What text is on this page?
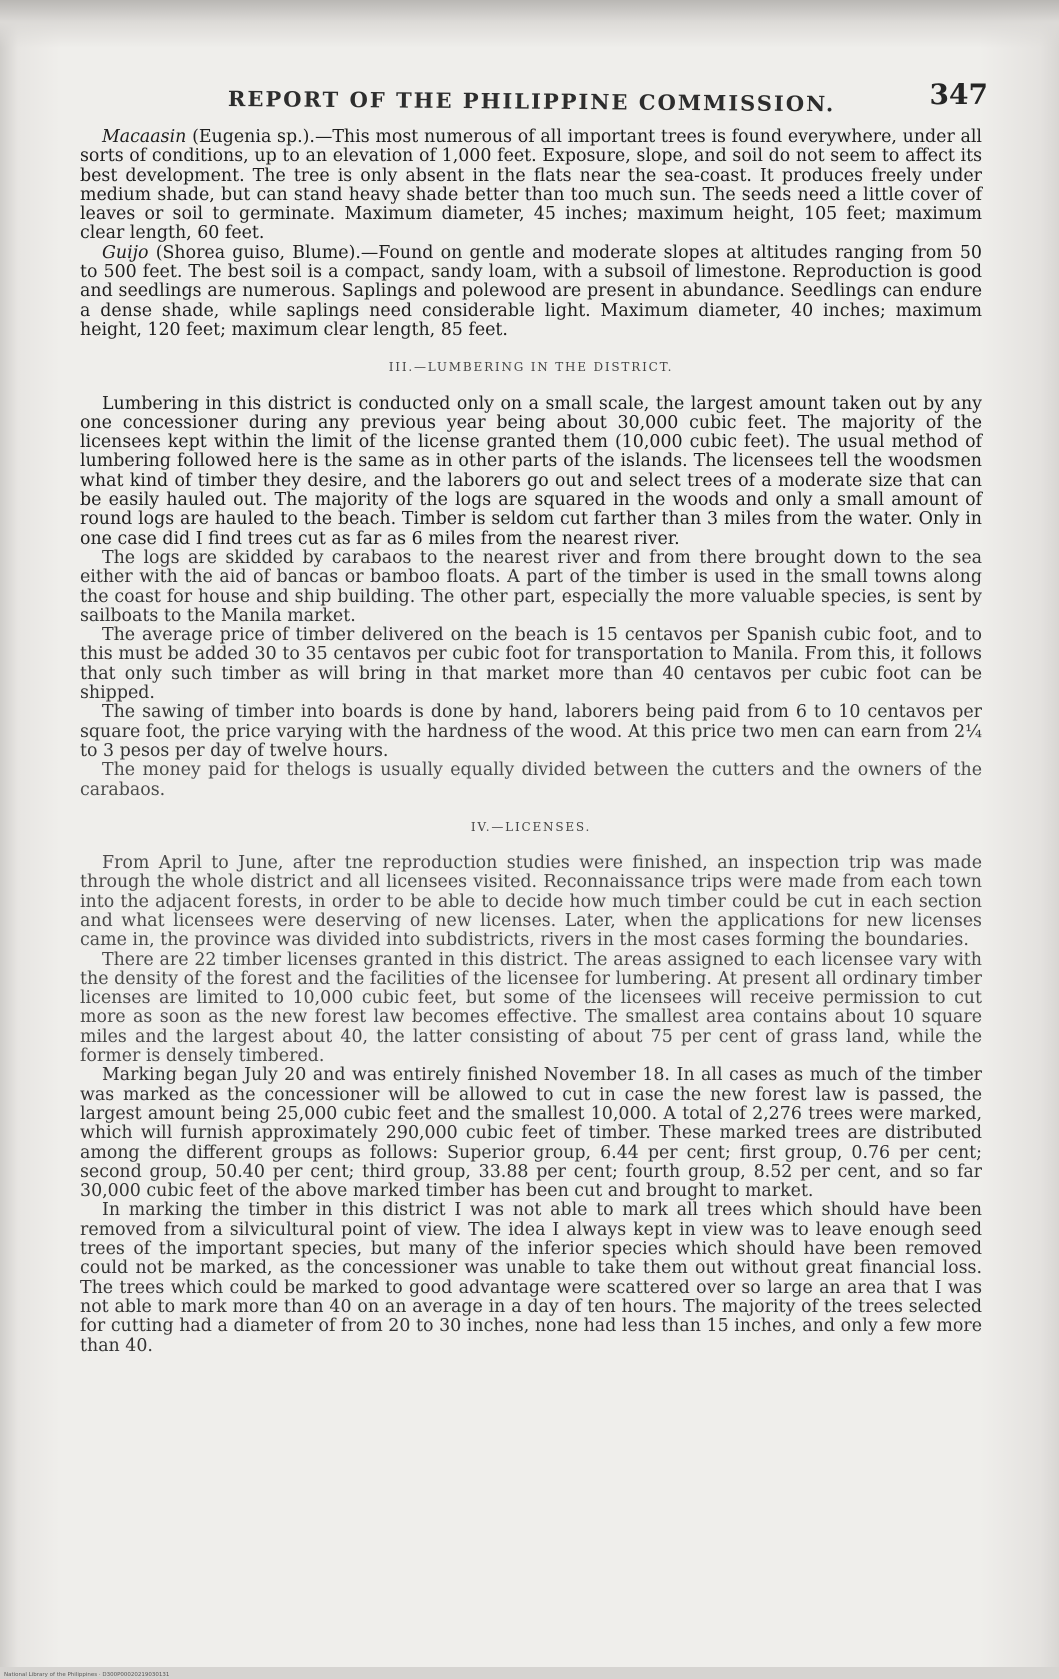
REPORT OF THE PHILIPPINE COMMISSION.	347

Macaasin (Eugenia sp.).—This most numerous of all important trees is found everywhere, under all sorts of conditions, up to an elevation of 1,000 feet. Exposure, slope, and soil do not seem to affect its best development. The tree is only absent in the flats near the sea-coast. It produces freely under medium shade, but can stand heavy shade better than too much sun. The seeds need a little cover of leaves or soil to germinate. Maximum diameter, 45 inches; maximum height, 105 feet; maximum clear length, 60 feet.

Guijo (Shorea guiso, Blume).—Found on gentle and moderate slopes at altitudes ranging from 50 to 500 feet. The best soil is a compact, sandy loam, with a subsoil of limestone. Reproduction is good and seedlings are numerous. Saplings and polewood are present in abundance. Seedlings can endure a dense shade, while saplings need considerable light. Maximum diameter, 40 inches; maximum height, 120 feet; maximum clear length, 85 feet.

III.—LUMBERING IN THE DISTRICT.

Lumbering in this district is conducted only on a small scale, the largest amount taken out by any one concessioner during any previous year being about 30,000 cubic feet. The majority of the licensees kept within the limit of the license granted them (10,000 cubic feet). The usual method of lumbering followed here is the same as in other parts of the islands. The licensees tell the woodsmen what kind of timber they desire, and the laborers go out and select trees of a moderate size that can be easily hauled out. The majority of the logs are squared in the woods and only a small amount of round logs are hauled to the beach. Timber is seldom cut farther than 3 miles from the water. Only in one case did I find trees cut as far as 6 miles from the nearest river.

The logs are skidded by carabaos to the nearest river and from there brought down to the sea either with the aid of bancas or bamboo floats. A part of the timber is used in the small towns along the coast for house and ship building. The other part, especially the more valuable species, is sent by sailboats to the Manila market.

The average price of timber delivered on the beach is 15 centavos per Spanish cubic foot, and to this must be added 30 to 35 centavos per cubic foot for transportation to Manila. From this, it follows that only such timber as will bring in that market more than 40 centavos per cubic foot can be shipped.

The sawing of timber into boards is done by hand, laborers being paid from 6 to 10 centavos per square foot, the price varying with the hardness of the wood. At this price two men can earn from 2¼ to 3 pesos per day of twelve hours.

The money paid for thelogs is usually equally divided between the cutters and the owners of the carabaos.

IV.—LICENSES.

From April to June, after tne reproduction studies were finished, an inspection trip was made through the whole district and all licensees visited. Reconnaissance trips were made from each town into the adjacent forests, in order to be able to decide how much timber could be cut in each section and what licensees were deserving of new licenses. Later, when the applications for new licenses came in, the province was divided into subdistricts, rivers in the most cases forming the boundaries.

There are 22 timber licenses granted in this district. The areas assigned to each licensee vary with the density of the forest and the facilities of the licensee for lumbering. At present all ordinary timber licenses are limited to 10,000 cubic feet, but some of the licensees will receive permission to cut more as soon as the new forest law becomes effective. The smallest area contains about 10 square miles and the largest about 40, the latter consisting of about 75 per cent of grass land, while the former is densely timbered.

Marking began July 20 and was entirely finished November 18. In all cases as much of the timber was marked as the concessioner will be allowed to cut in case the new forest law is passed, the largest amount being 25,000 cubic feet and the smallest 10,000. A total of 2,276 trees were marked, which will furnish approximately 290,000 cubic feet of timber. These marked trees are distributed among the different groups as follows: Superior group, 6.44 per cent; first group, 0.76 per cent; second group, 50.40 per cent; third group, 33.88 per cent; fourth group, 8.52 per cent, and so far 30,000 cubic feet of the above marked timber has been cut and brought to market.

In marking the timber in this district I was not able to mark all trees which should have been removed from a silvicultural point of view. The idea I always kept in view was to leave enough seed trees of the important species, but many of the inferior species which should have been removed could not be marked, as the concessioner was unable to take them out without great financial loss. The trees which could be marked to good advantage were scattered over so large an area that I was not able to mark more than 40 on an average in a day of ten hours. The majority of the trees selected for cutting had a diameter of from 20 to 30 inches, none had less than 15 inches, and only a few more than 40.

National Library of the Philippines · D300P00020219030131
